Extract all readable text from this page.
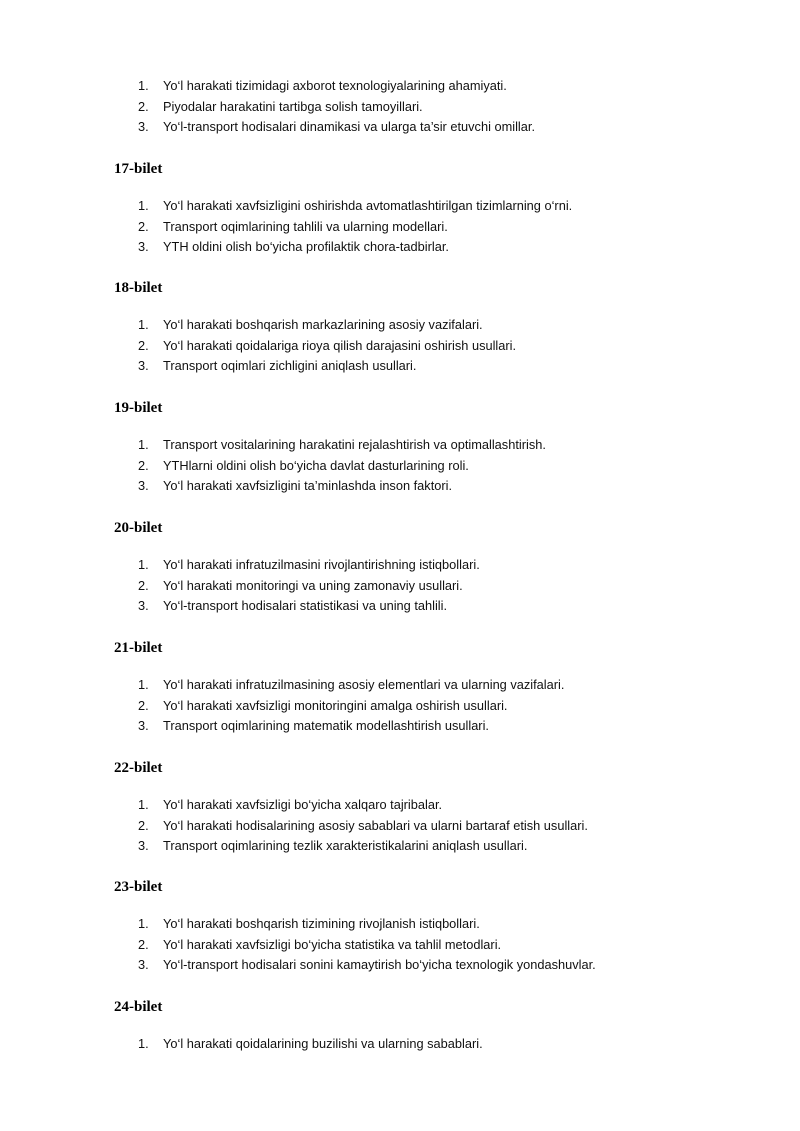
1. Yo‘l harakati tizimidagi axborot texnologiyalarining ahamiyati.
2. Piyodalar harakatini tartibga solish tamoyillari.
3. Yo‘l-transport hodisalari dinamikasi va ularga ta’sir etuvchi omillar.
17-bilet
1. Yo‘l harakati xavfsizligini oshirishda avtomatlashtirilgan tizimlarning o‘rni.
2. Transport oqimlarining tahlili va ularning modellari.
3. YTH oldini olish bo‘yicha profilaktik chora-tadbirlar.
18-bilet
1. Yo‘l harakati boshqarish markazlarining asosiy vazifalari.
2. Yo‘l harakati qoidalariga rioya qilish darajasini oshirish usullari.
3. Transport oqimlari zichligini aniqlash usullari.
19-bilet
1. Transport vositalarining harakatini rejalashtirish va optimallashtirish.
2. YTHlarni oldini olish bo‘yicha davlat dasturlarining roli.
3. Yo‘l harakati xavfsizligini ta’minlashda inson faktori.
20-bilet
1. Yo‘l harakati infratuzilmasini rivojlantirishning istiqbollari.
2. Yo‘l harakati monitoringi va uning zamonaviy usullari.
3. Yo‘l-transport hodisalari statistikasi va uning tahlili.
21-bilet
1. Yo‘l harakati infratuzilmasining asosiy elementlari va ularning vazifalari.
2. Yo‘l harakati xavfsizligi monitoringini amalga oshirish usullari.
3. Transport oqimlarining matematik modellashtirish usullari.
22-bilet
1. Yo‘l harakati xavfsizligi bo‘yicha xalqaro tajribalar.
2. Yo‘l harakati hodisalarining asosiy sabablari va ularni bartaraf etish usullari.
3. Transport oqimlarining tezlik xarakteristikalarini aniqlash usullari.
23-bilet
1. Yo‘l harakati boshqarish tizimining rivojlanish istiqbollari.
2. Yo‘l harakati xavfsizligi bo‘yicha statistika va tahlil metodlari.
3. Yo‘l-transport hodisalari sonini kamaytirish bo‘yicha texnologik yondashuvlar.
24-bilet
1. Yo‘l harakati qoidalarining buzilishi va ularning sabablari.
